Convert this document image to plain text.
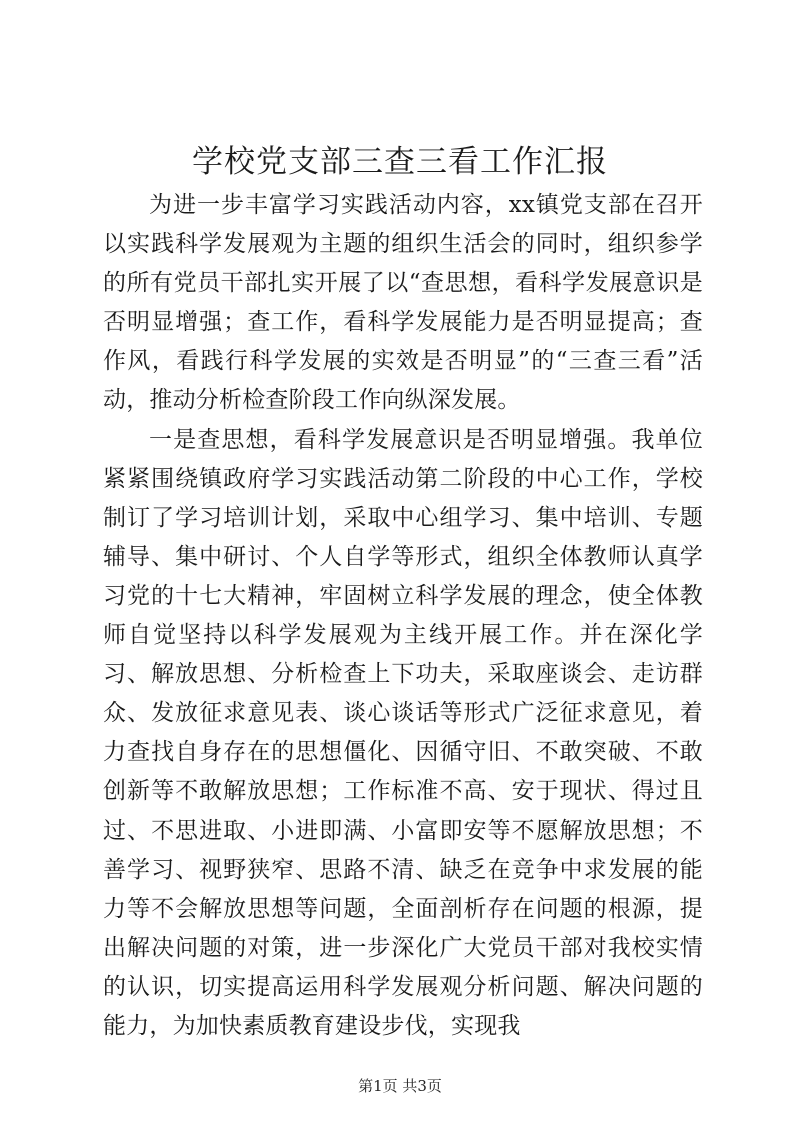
学校党支部三查三看工作汇报

为进一步丰富学习实践活动内容，xx镇党支部在召开以实践科学发展观为主题的组织生活会的同时，组织参学的所有党员干部扎实开展了以“查思想，看科学发展意识是否明显增强；查工作，看科学发展能力是否明显提高；查作风，看践行科学发展的实效是否明显”的“三查三看”活动，推动分析检查阶段工作向纵深发展。

一是查思想，看科学发展意识是否明显增强。我单位紧紧围绕镇政府学习实践活动第二阶段的中心工作，学校制订了学习培训计划，采取中心组学习、集中培训、专题辅导、集中研讨、个人自学等形式，组织全体教师认真学习党的十七大精神，牢固树立科学发展的理念，使全体教师自觉坚持以科学发展观为主线开展工作。并在深化学习、解放思想、分析检查上下功夫，采取座谈会、走访群众、发放征求意见表、谈心谈话等形式广泛征求意见，着力查找自身存在的思想僵化、因循守旧、不敢突破、不敢创新等不敢解放思想；工作标准不高、安于现状、得过且过、不思进取、小进即满、小富即安等不愿解放思想；不善学习、视野狭窄、思路不清、缺乏在竞争中求发展的能力等不会解放思想等问题，全面剖析存在问题的根源，提出解决问题的对策，进一步深化广大党员干部对我校实情的认识，切实提高运用科学发展观分析问题、解决问题的能力，为加快素质教育建设步伐，实现我

第1页 共3页
